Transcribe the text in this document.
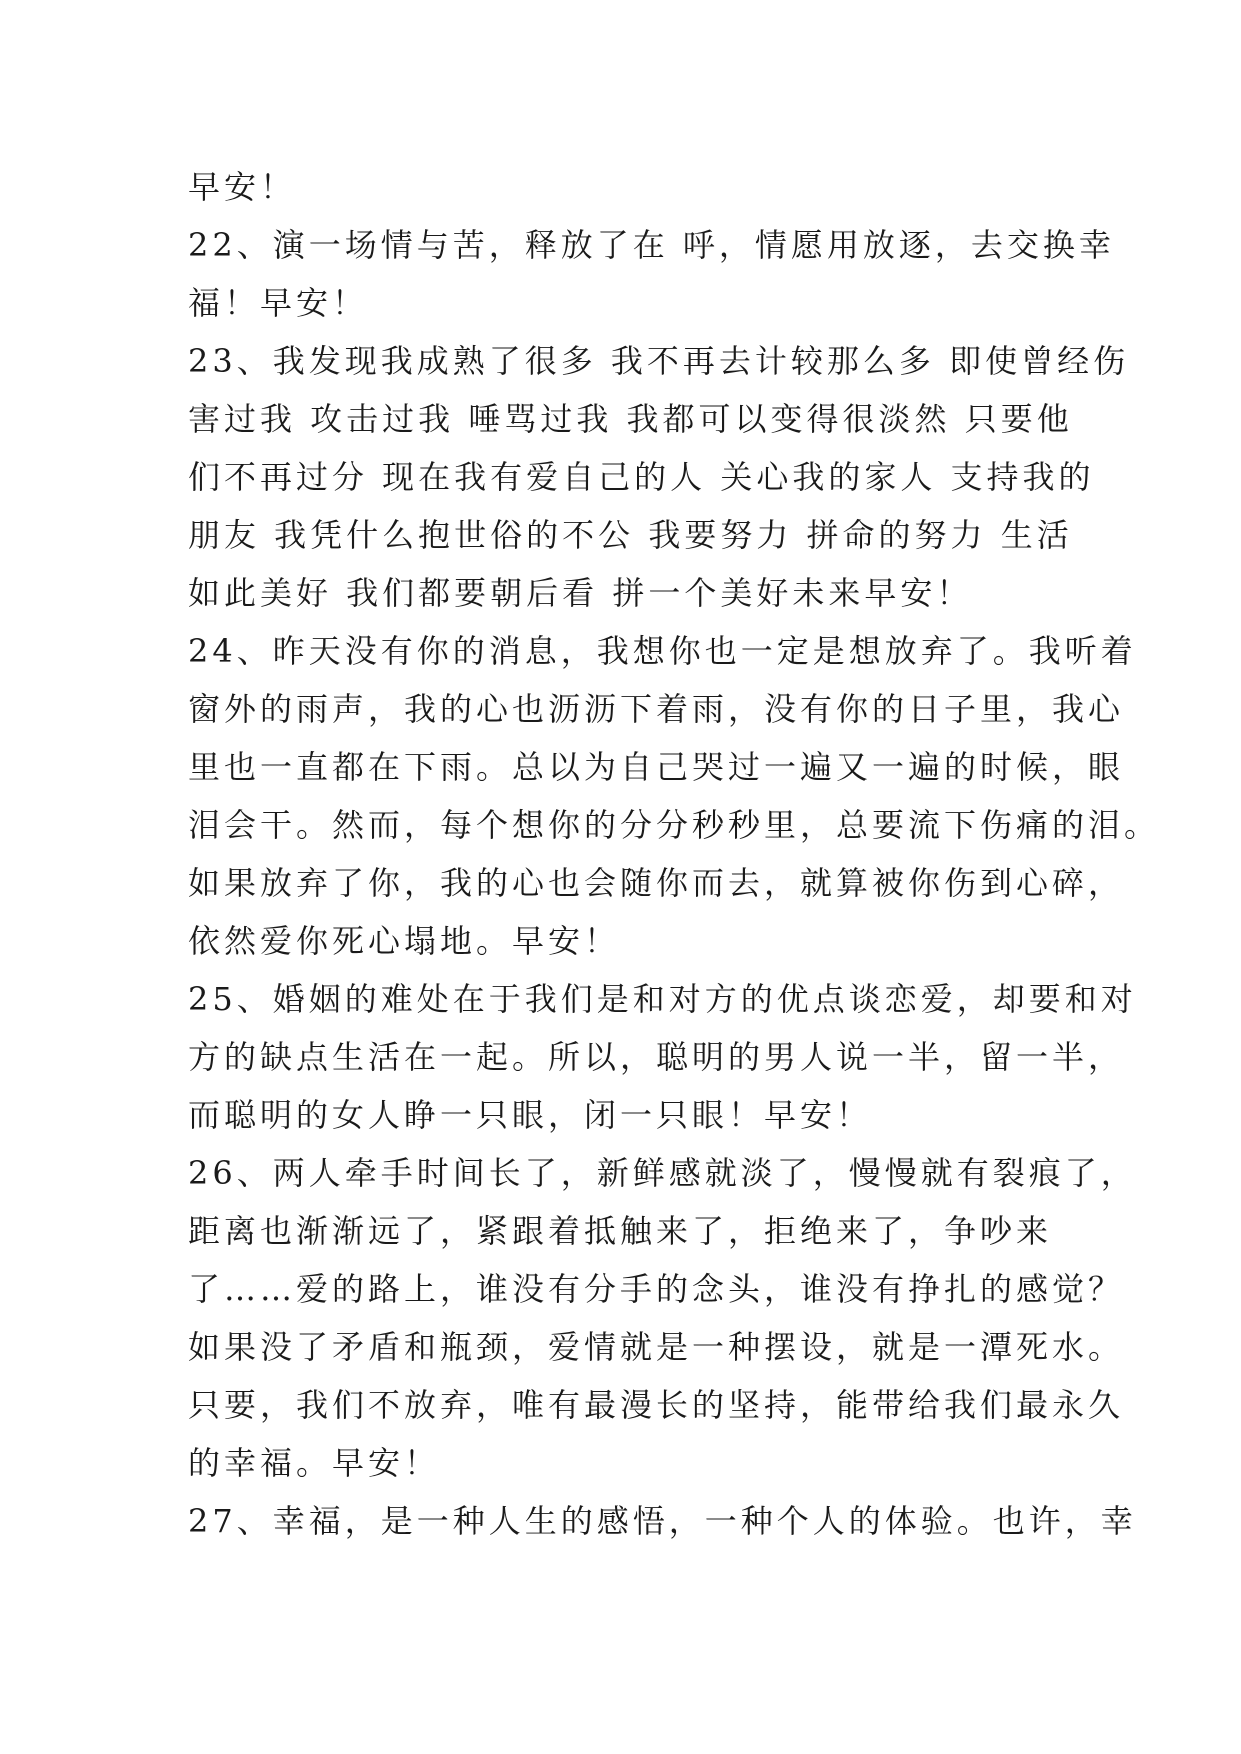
早安！
22、演一场情与苦，释放了在 呼，情愿用放逐，去交换幸
福！早安！
23、我发现我成熟了很多 我不再去计较那么多 即使曾经伤
害过我 攻击过我 唾骂过我 我都可以变得很淡然 只要他
们不再过分 现在我有爱自己的人 关心我的家人 支持我的
朋友 我凭什么抱世俗的不公 我要努力 拼命的努力 生活
如此美好 我们都要朝后看 拼一个美好未来早安！
24、昨天没有你的消息，我想你也一定是想放弃了。我听着
窗外的雨声，我的心也沥沥下着雨，没有你的日子里，我心
里也一直都在下雨。总以为自己哭过一遍又一遍的时候，眼
泪会干。然而，每个想你的分分秒秒里，总要流下伤痛的泪。
如果放弃了你，我的心也会随你而去，就算被你伤到心碎，
依然爱你死心塌地。早安！
25、婚姻的难处在于我们是和对方的优点谈恋爱，却要和对
方的缺点生活在一起。所以，聪明的男人说一半，留一半，
而聪明的女人睁一只眼，闭一只眼！早安！
26、两人牵手时间长了，新鲜感就淡了，慢慢就有裂痕了，
距离也渐渐远了，紧跟着抵触来了，拒绝来了，争吵来
了……爱的路上，谁没有分手的念头，谁没有挣扎的感觉？
如果没了矛盾和瓶颈，爱情就是一种摆设，就是一潭死水。
只要，我们不放弃，唯有最漫长的坚持，能带给我们最永久
的幸福。早安！
27、幸福，是一种人生的感悟，一种个人的体验。也许，幸
